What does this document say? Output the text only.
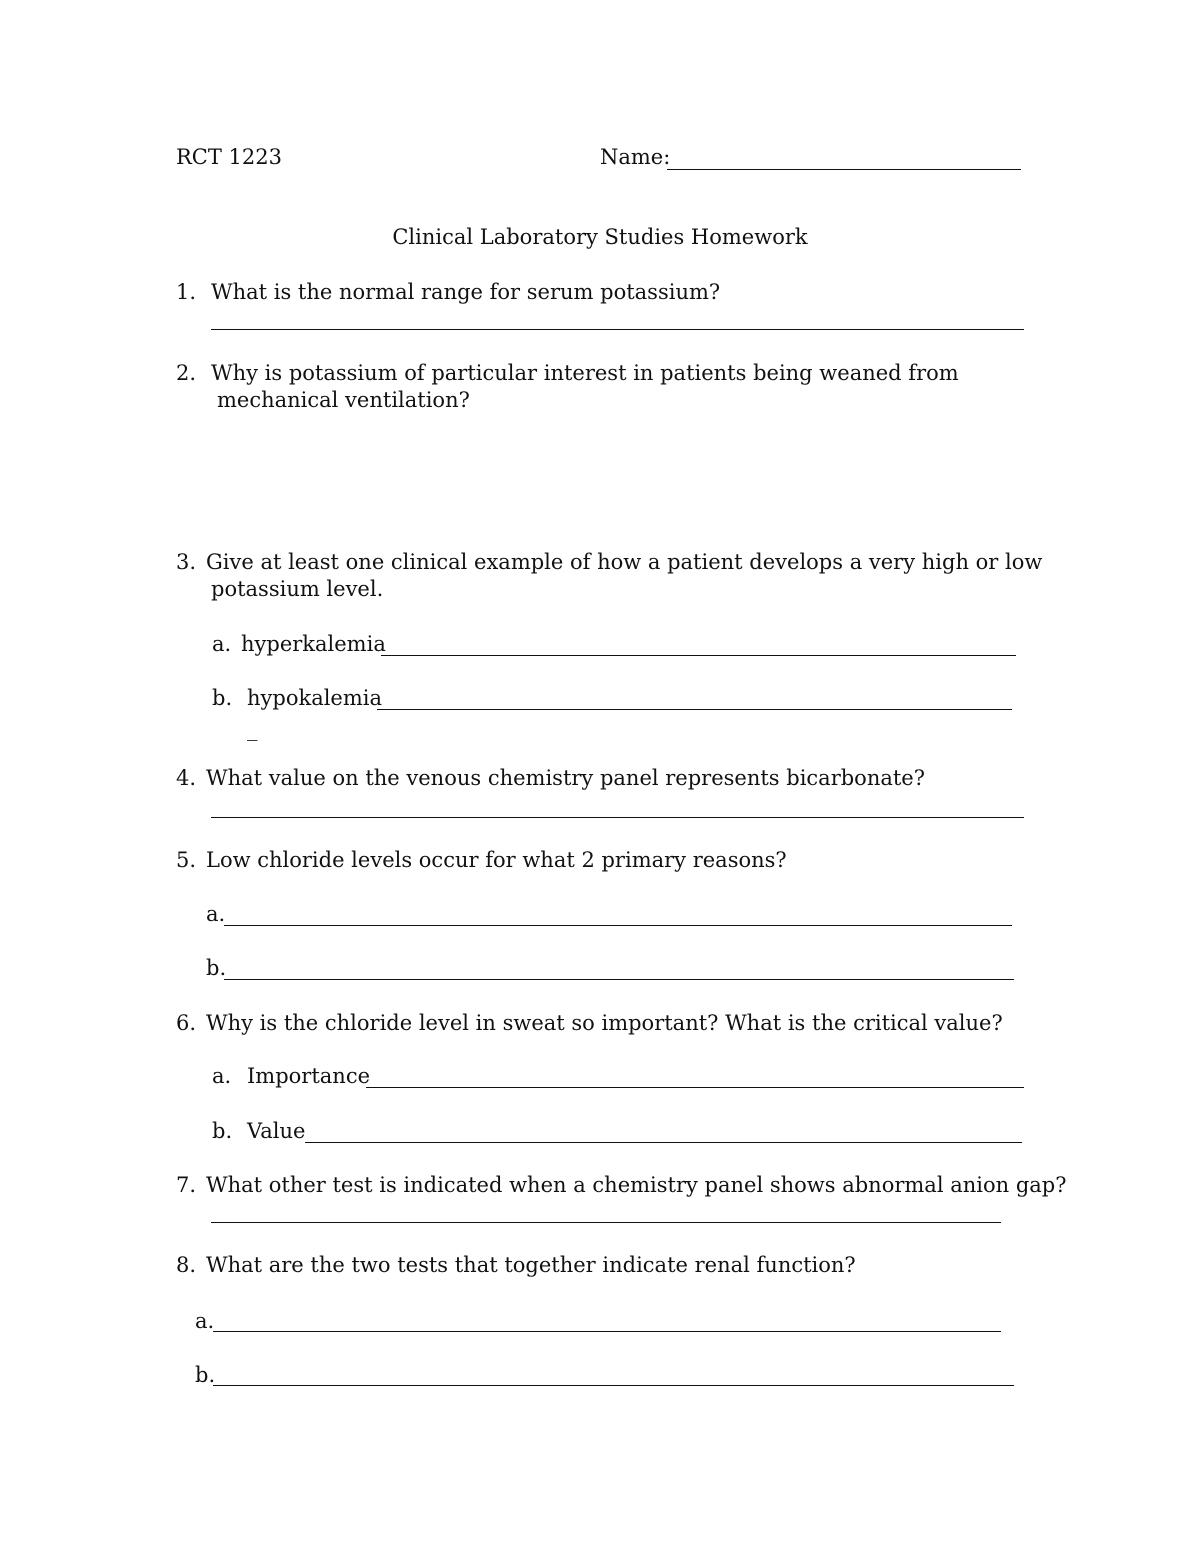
RCT 1223	Name:
Clinical Laboratory Studies Homework
1. What is the normal range for serum potassium?
2. Why is potassium of particular interest in patients being weaned from
mechanical ventilation?
3. Give at least one clinical example of how a patient develops a very high or low
potassium level.
a. hyperkalemia
b. hypokalemia
_
4. What value on the venous chemistry panel represents bicarbonate?
5. Low chloride levels occur for what 2 primary reasons?
a.
b.
6. Why is the chloride level in sweat so important? What is the critical value?
a. Importance
b. Value
7. What other test is indicated when a chemistry panel shows abnormal anion gap?
8. What are the two tests that together indicate renal function?
a.
b.
